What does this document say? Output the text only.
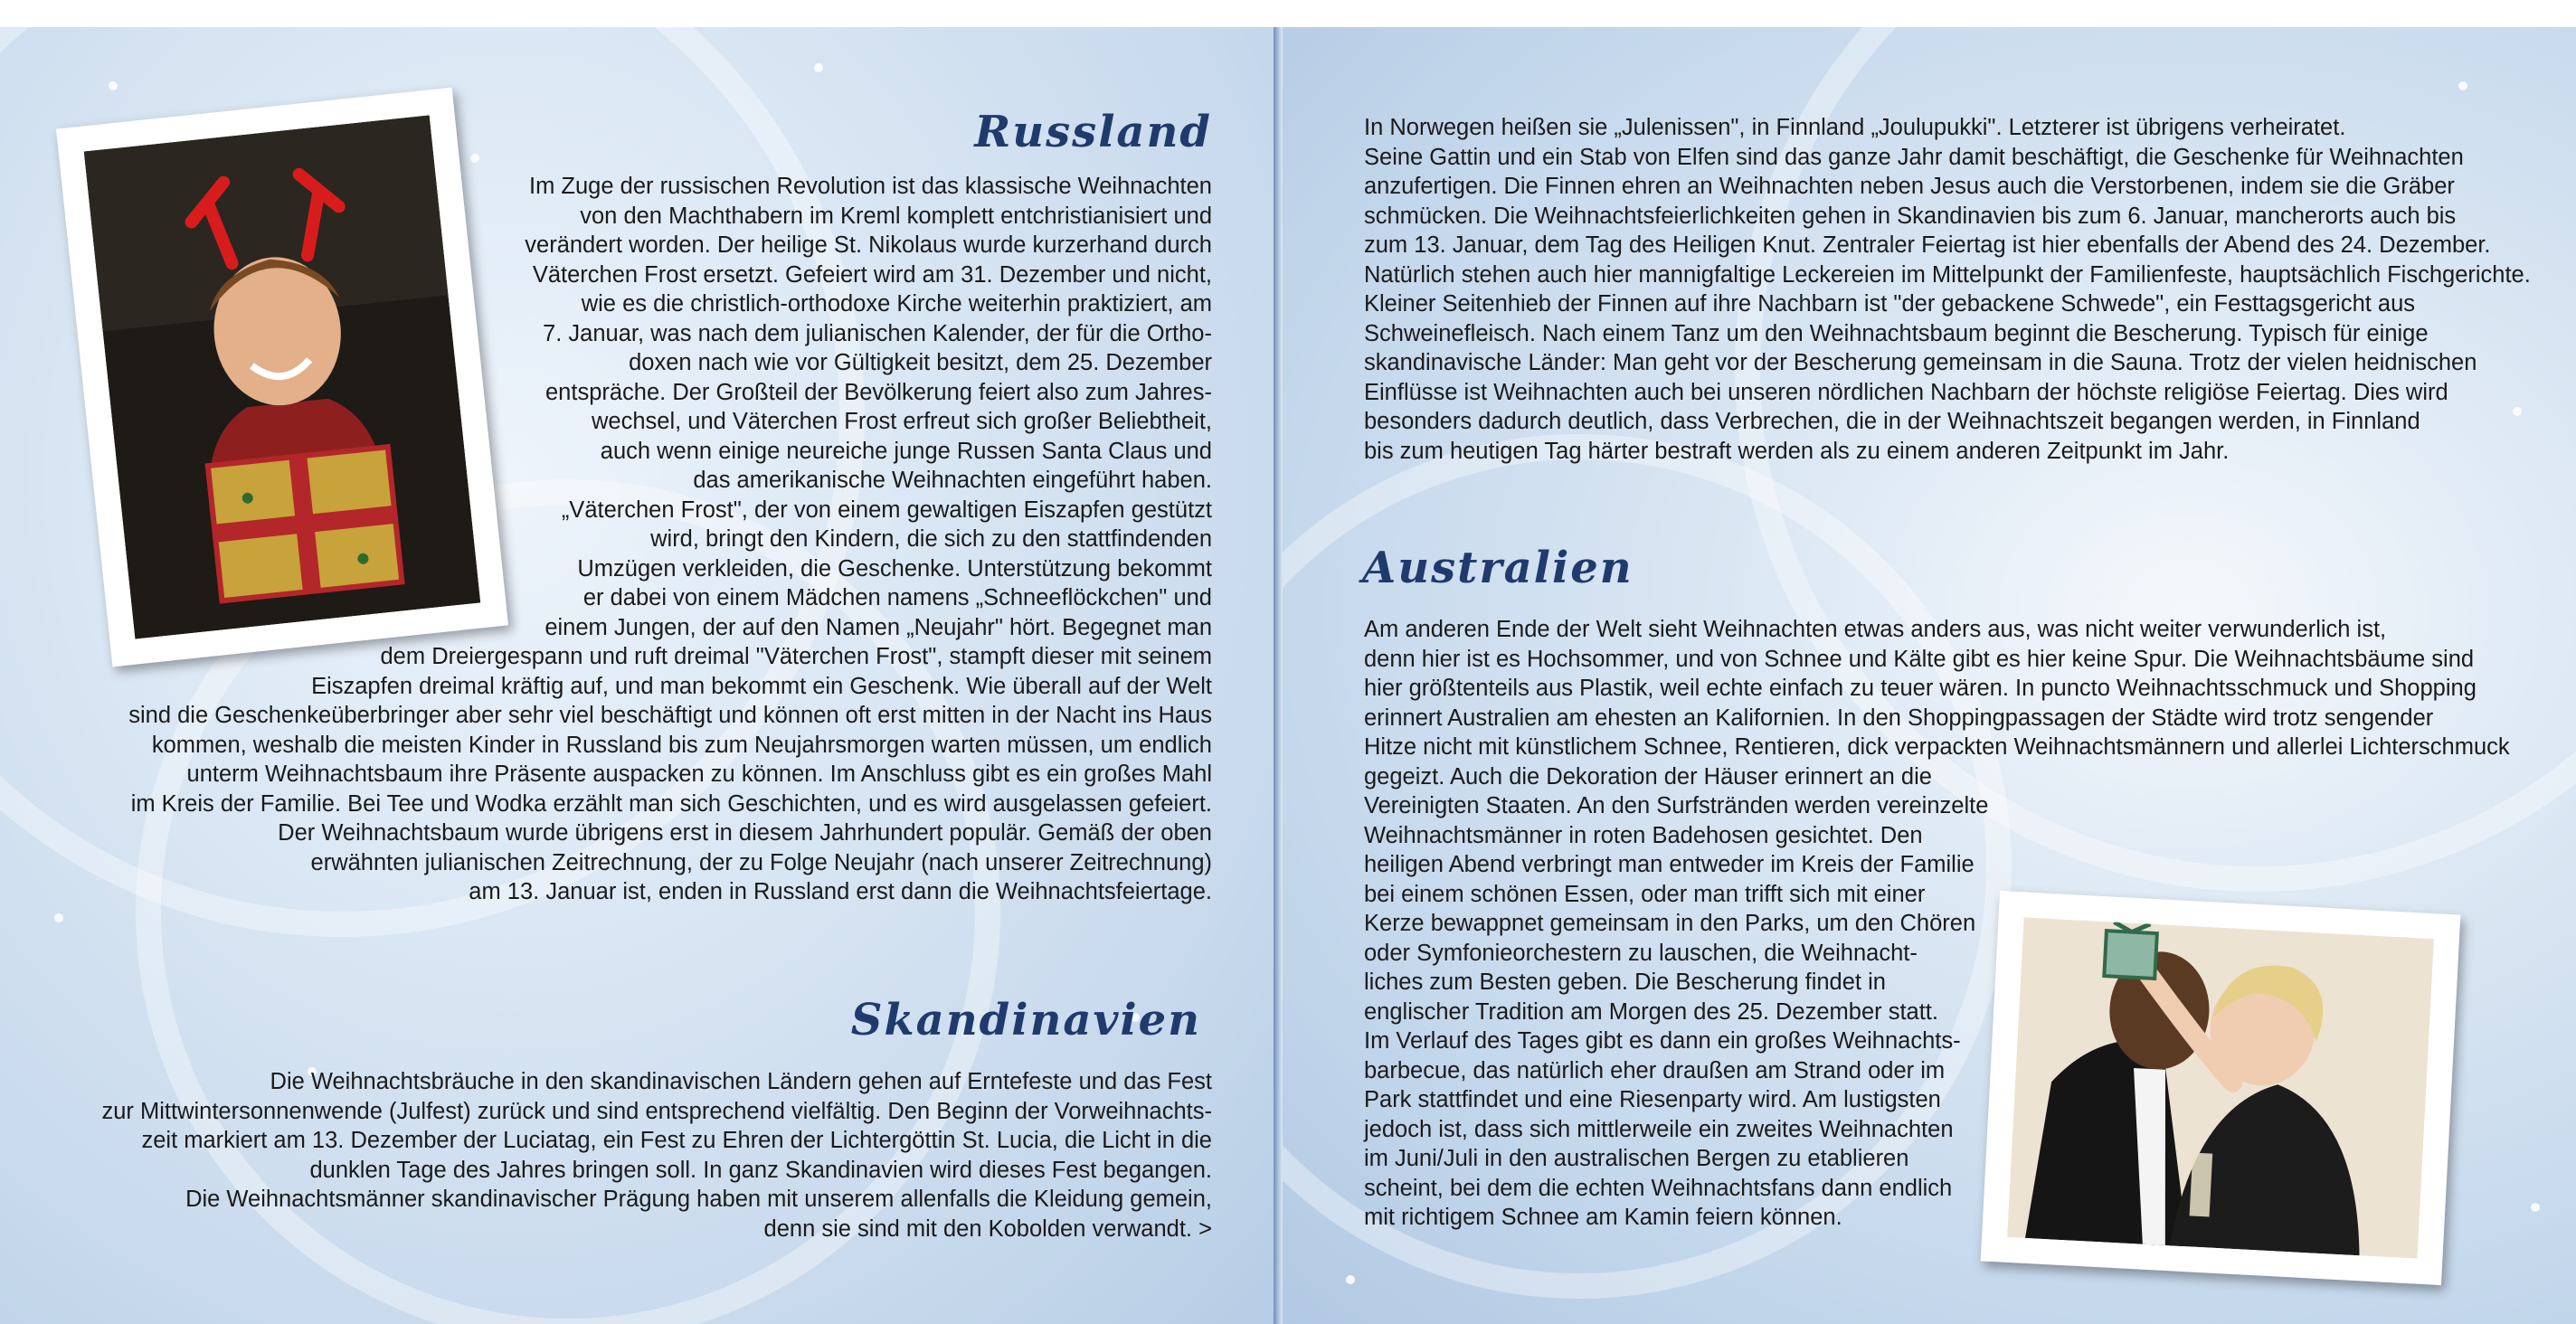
Russland

Im Zuge der russischen Revolution ist das klassische Weihnachten
von den Machthabern im Kreml komplett entchristianisiert und
verändert worden. Der heilige St. Nikolaus wurde kurzerhand durch
Väterchen Frost ersetzt. Gefeiert wird am 31. Dezember und nicht,
wie es die christlich-orthodoxe Kirche weiterhin praktiziert, am
7. Januar, was nach dem julianischen Kalender, der für die Ortho-
doxen nach wie vor Gültigkeit besitzt, dem 25. Dezember
entspräche. Der Großteil der Bevölkerung feiert also zum Jahres-
wechsel, und Väterchen Frost erfreut sich großer Beliebtheit,
auch wenn einige neureiche junge Russen Santa Claus und
das amerikanische Weihnachten eingeführt haben.
„Väterchen Frost", der von einem gewaltigen Eiszapfen gestützt
wird, bringt den Kindern, die sich zu den stattfindenden
Umzügen verkleiden, die Geschenke. Unterstützung bekommt
er dabei von einem Mädchen namens „Schneeflöckchen" und
einem Jungen, der auf den Namen „Neujahr" hört. Begegnet man
dem Dreiergespann und ruft dreimal "Väterchen Frost", stampft dieser mit seinem
Eiszapfen dreimal kräftig auf, und man bekommt ein Geschenk. Wie überall auf der Welt
sind die Geschenkeüberbringer aber sehr viel beschäftigt und können oft erst mitten in der Nacht ins Haus
kommen, weshalb die meisten Kinder in Russland bis zum Neujahrsmorgen warten müssen, um endlich
unterm Weihnachtsbaum ihre Präsente auspacken zu können. Im Anschluss gibt es ein großes Mahl
im Kreis der Familie. Bei Tee und Wodka erzählt man sich Geschichten, und es wird ausgelassen gefeiert.
Der Weihnachtsbaum wurde übrigens erst in diesem Jahrhundert populär. Gemäß der oben
erwähnten julianischen Zeitrechnung, der zu Folge Neujahr (nach unserer Zeitrechnung)
am 13. Januar ist, enden in Russland erst dann die Weihnachtsfeiertage.

Skandinavien

Die Weihnachtsbräuche in den skandinavischen Ländern gehen auf Erntefeste und das Fest
zur Mittwintersonnenwende (Julfest) zurück und sind entsprechend vielfältig. Den Beginn der Vorweihnachts-
zeit markiert am 13. Dezember der Luciatag, ein Fest zu Ehren der Lichtergöttin St. Lucia, die Licht in die
dunklen Tage des Jahres bringen soll. In ganz Skandinavien wird dieses Fest begangen.
Die Weihnachtsmänner skandinavischer Prägung haben mit unserem allenfalls die Kleidung gemein,
denn sie sind mit den Kobolden verwandt. >

In Norwegen heißen sie „Julenissen", in Finnland „Joulupukki". Letzterer ist übrigens verheiratet.
Seine Gattin und ein Stab von Elfen sind das ganze Jahr damit beschäftigt, die Geschenke für Weihnachten
anzufertigen. Die Finnen ehren an Weihnachten neben Jesus auch die Verstorbenen, indem sie die Gräber
schmücken. Die Weihnachtsfeierlichkeiten gehen in Skandinavien bis zum 6. Januar, mancherorts auch bis
zum 13. Januar, dem Tag des Heiligen Knut. Zentraler Feiertag ist hier ebenfalls der Abend des 24. Dezember.
Natürlich stehen auch hier mannigfaltige Leckereien im Mittelpunkt der Familienfeste, hauptsächlich Fischgerichte.
Kleiner Seitenhieb der Finnen auf ihre Nachbarn ist "der gebackene Schwede", ein Festtagsgericht aus
Schweinefleisch. Nach einem Tanz um den Weihnachtsbaum beginnt die Bescherung. Typisch für einige
skandinavische Länder: Man geht vor der Bescherung gemeinsam in die Sauna. Trotz der vielen heidnischen
Einflüsse ist Weihnachten auch bei unseren nördlichen Nachbarn der höchste religiöse Feiertag. Dies wird
besonders dadurch deutlich, dass Verbrechen, die in der Weihnachtszeit begangen werden, in Finnland
bis zum heutigen Tag härter bestraft werden als zu einem anderen Zeitpunkt im Jahr.

Australien

Am anderen Ende der Welt sieht Weihnachten etwas anders aus, was nicht weiter verwunderlich ist,
denn hier ist es Hochsommer, und von Schnee und Kälte gibt es hier keine Spur. Die Weihnachtsbäume sind
hier größtenteils aus Plastik, weil echte einfach zu teuer wären. In puncto Weihnachtsschmuck und Shopping
erinnert Australien am ehesten an Kalifornien. In den Shoppingpassagen der Städte wird trotz sengender
Hitze nicht mit künstlichem Schnee, Rentieren, dick verpackten Weihnachtsmännern und allerlei Lichterschmuck
gegeizt. Auch die Dekoration der Häuser erinnert an die

Vereinigten Staaten. An den Surfstränden werden vereinzelte
Weihnachtsmänner in roten Badehosen gesichtet. Den
heiligen Abend verbringt man entweder im Kreis der Familie
bei einem schönen Essen, oder man trifft sich mit einer
Kerze bewappnet gemeinsam in den Parks, um den Chören
oder Symfonieorchestern zu lauschen, die Weihnacht-
liches zum Besten geben. Die Bescherung findet in
englischer Tradition am Morgen des 25. Dezember statt.
Im Verlauf des Tages gibt es dann ein großes Weihnachts-
barbecue, das natürlich eher draußen am Strand oder im
Park stattfindet und eine Riesenparty wird. Am lustigsten
jedoch ist, dass sich mittlerweile ein zweites Weihnachten
im Juni/Juli in den australischen Bergen zu etablieren
scheint, bei dem die echten Weihnachtsfans dann endlich
mit richtigem Schnee am Kamin feiern können.
